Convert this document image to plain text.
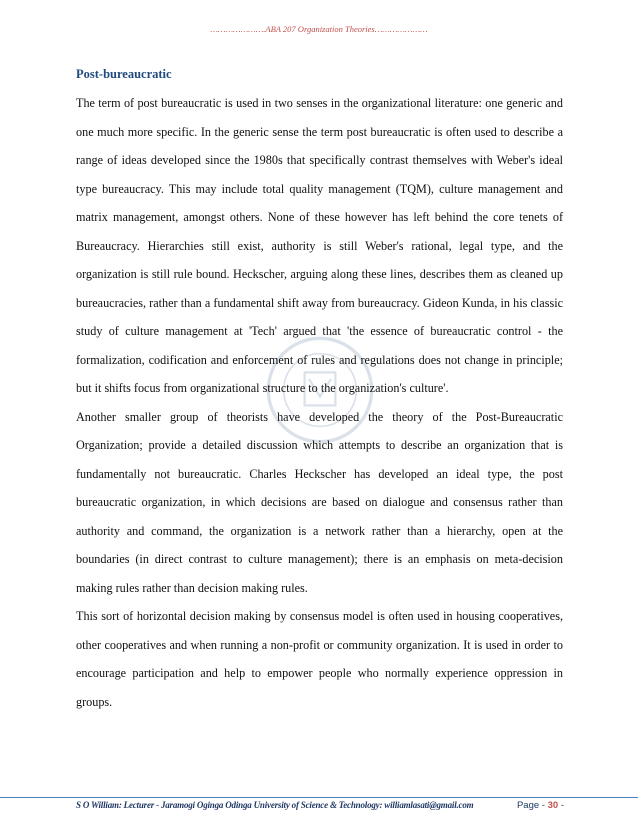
………………….ABA 207 Organization Theories…………………
Post-bureaucratic

The term of post bureaucratic is used in two senses in the organizational literature: one generic and one much more specific. In the generic sense the term post bureaucratic is often used to describe a range of ideas developed since the 1980s that specifically contrast themselves with Weber's ideal type bureaucracy. This may include total quality management (TQM), culture management and matrix management, amongst others. None of these however has left behind the core tenets of Bureaucracy. Hierarchies still exist, authority is still Weber's rational, legal type, and the organization is still rule bound. Heckscher, arguing along these lines, describes them as cleaned up bureaucracies, rather than a fundamental shift away from bureaucracy. Gideon Kunda, in his classic study of culture management at 'Tech' argued that 'the essence of bureaucratic control - the formalization, codification and enforcement of rules and regulations does not change in principle; but it shifts focus from organizational structure to the organization's culture'.

Another smaller group of theorists have developed the theory of the Post-Bureaucratic Organization; provide a detailed discussion which attempts to describe an organization that is fundamentally not bureaucratic. Charles Heckscher has developed an ideal type, the post bureaucratic organization, in which decisions are based on dialogue and consensus rather than authority and command, the organization is a network rather than a hierarchy, open at the boundaries (in direct contrast to culture management); there is an emphasis on meta-decision making rules rather than decision making rules.

This sort of horizontal decision making by consensus model is often used in housing cooperatives, other cooperatives and when running a non-profit or community organization. It is used in order to encourage participation and help to empower people who normally experience oppression in groups.

S O William: Lecturer - Jaramogi Oginga Odinga University of Science & Technology: williamlasati@gmail.com	Page - 30 -
